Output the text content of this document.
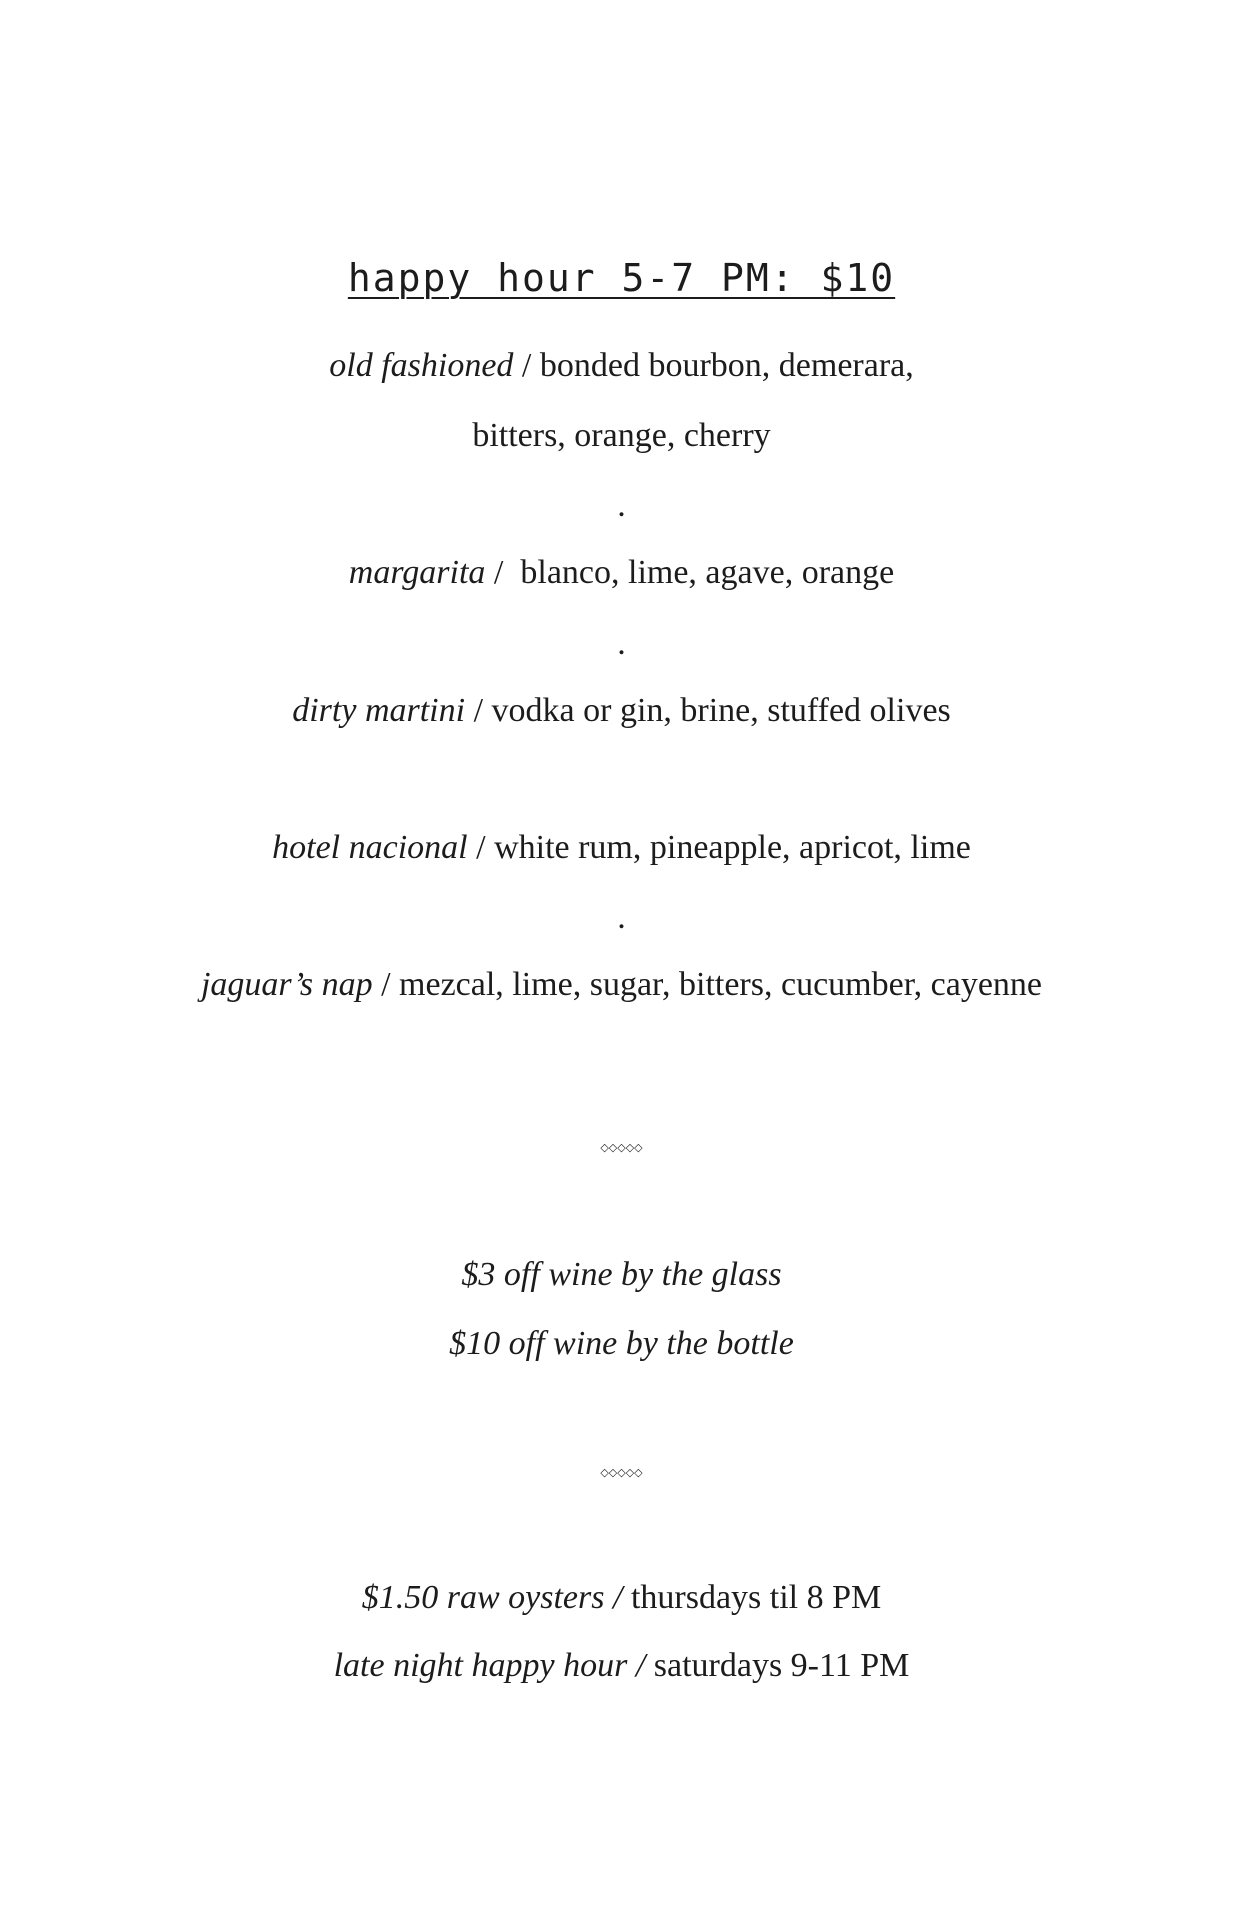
happy hour 5-7 PM: $10
old fashioned / bonded bourbon, demerara,
bitters, orange, cherry
.
margarita /  blanco, lime, agave, orange
.
dirty martini / vodka or gin, brine, stuffed olives
hotel nacional / white rum, pineapple, apricot, lime
.
jaguar’s nap / mezcal, lime, sugar, bitters, cucumber, cayenne
◇◇◇◇◇
$3 off wine by the glass
$10 off wine by the bottle
◇◇◇◇◇
$1.50 raw oysters / thursdays til 8 PM
late night happy hour / saturdays 9-11 PM
